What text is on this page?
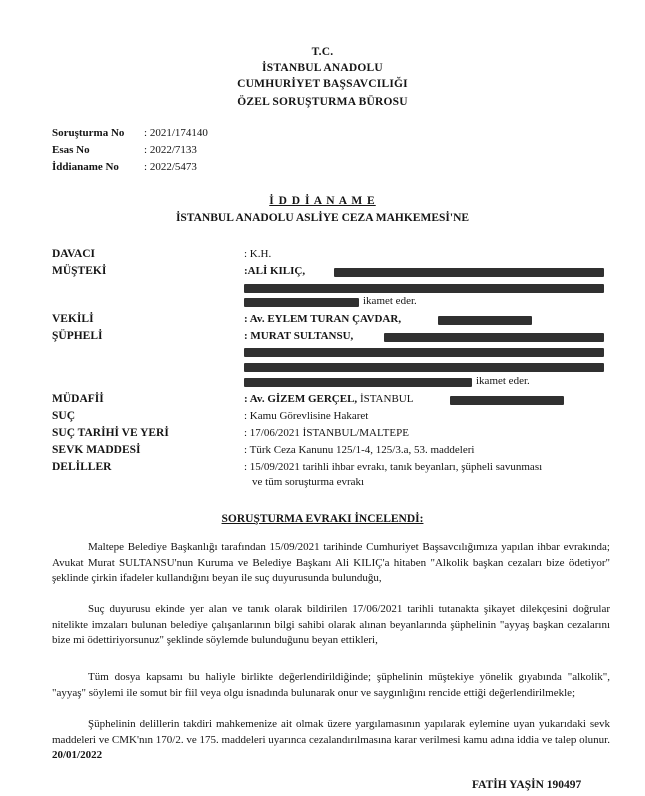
T.C.
İSTANBUL ANADOLU
CUMHURİYET BAŞSAVCILIĞI
ÖZEL SORUŞTURMA BÜROSU
Soruşturma No : 2021/174140
Esas No	: 2022/7133
İddianame No : 2022/5473
İ D D İ A N A M E
İSTANBUL ANADOLU ASLİYE CEZA MAHKEMESİ'NE
DAVACI	: K.H.
MÜŞTEKİ	:ALİ KILIÇ,
ikamet eder.
VEKİLİ	: Av. EYLEM TURAN ÇAVDAR,
ŞÜPHELİ	: MURAT SULTANSU,
ikamet eder.
MÜDAFİİ	: Av. GİZEM GERÇEL, İSTANBUL
SUÇ	: Kamu Görevlisine Hakaret
SUÇ TARİHİ VE YERİ	: 17/06/2021 İSTANBUL/MALTEPE
SEVK MADDESİ	: Türk Ceza Kanunu 125/1-4, 125/3.a, 53. maddeleri
DELİLLER	: 15/09/2021 tarihli ihbar evrakı, tanık beyanları, şüpheli savunması
ve tüm soruşturma evrakı
SORUŞTURMA EVRAKI İNCELENDİ:

Maltepe Belediye Başkanlığı tarafından 15/09/2021 tarihinde Cumhuriyet Başsavcılığımıza yapılan ihbar evrakında; Avukat Murat SULTANSU'nun Kuruma ve Belediye Başkanı Ali KILIÇ'a hitaben "Alkolik başkan cezaları bize ödetiyor" şeklinde çirkin ifadeler kullandığını beyan ile suç duyurusunda bulunduğu,

Suç duyurusu ekinde yer alan ve tanık olarak bildirilen 17/06/2021 tarihli tutanakta şikayet dilekçesini doğrular nitelikte imzaları bulunan belediye çalışanlarının bilgi sahibi olarak alınan beyanlarında şüphelinin "ayyaş başkan cezalarını bize mi ödettiriyorsunuz" şeklinde söylemde bulunduğunu beyan ettikleri,

Tüm dosya kapsamı bu haliyle birlikte değerlendirildiğinde; şüphelinin müştekiye yönelik gıyabında "alkolik", "ayyaş" söylemi ile somut bir fiil veya olgu isnadında bulunarak onur ve saygınlığını rencide ettiği değerlendirilmekle;

Şüphelinin delillerin takdiri mahkemenize ait olmak üzere yargılamasının yapılarak eylemine uyan yukarıdaki sevk maddeleri ve CMK'nın 170/2. ve 175. maddeleri uyarınca cezalandırılmasına karar verilmesi kamu adına iddia ve talep olunur. 20/01/2022

FATİH YAŞİN 190497
